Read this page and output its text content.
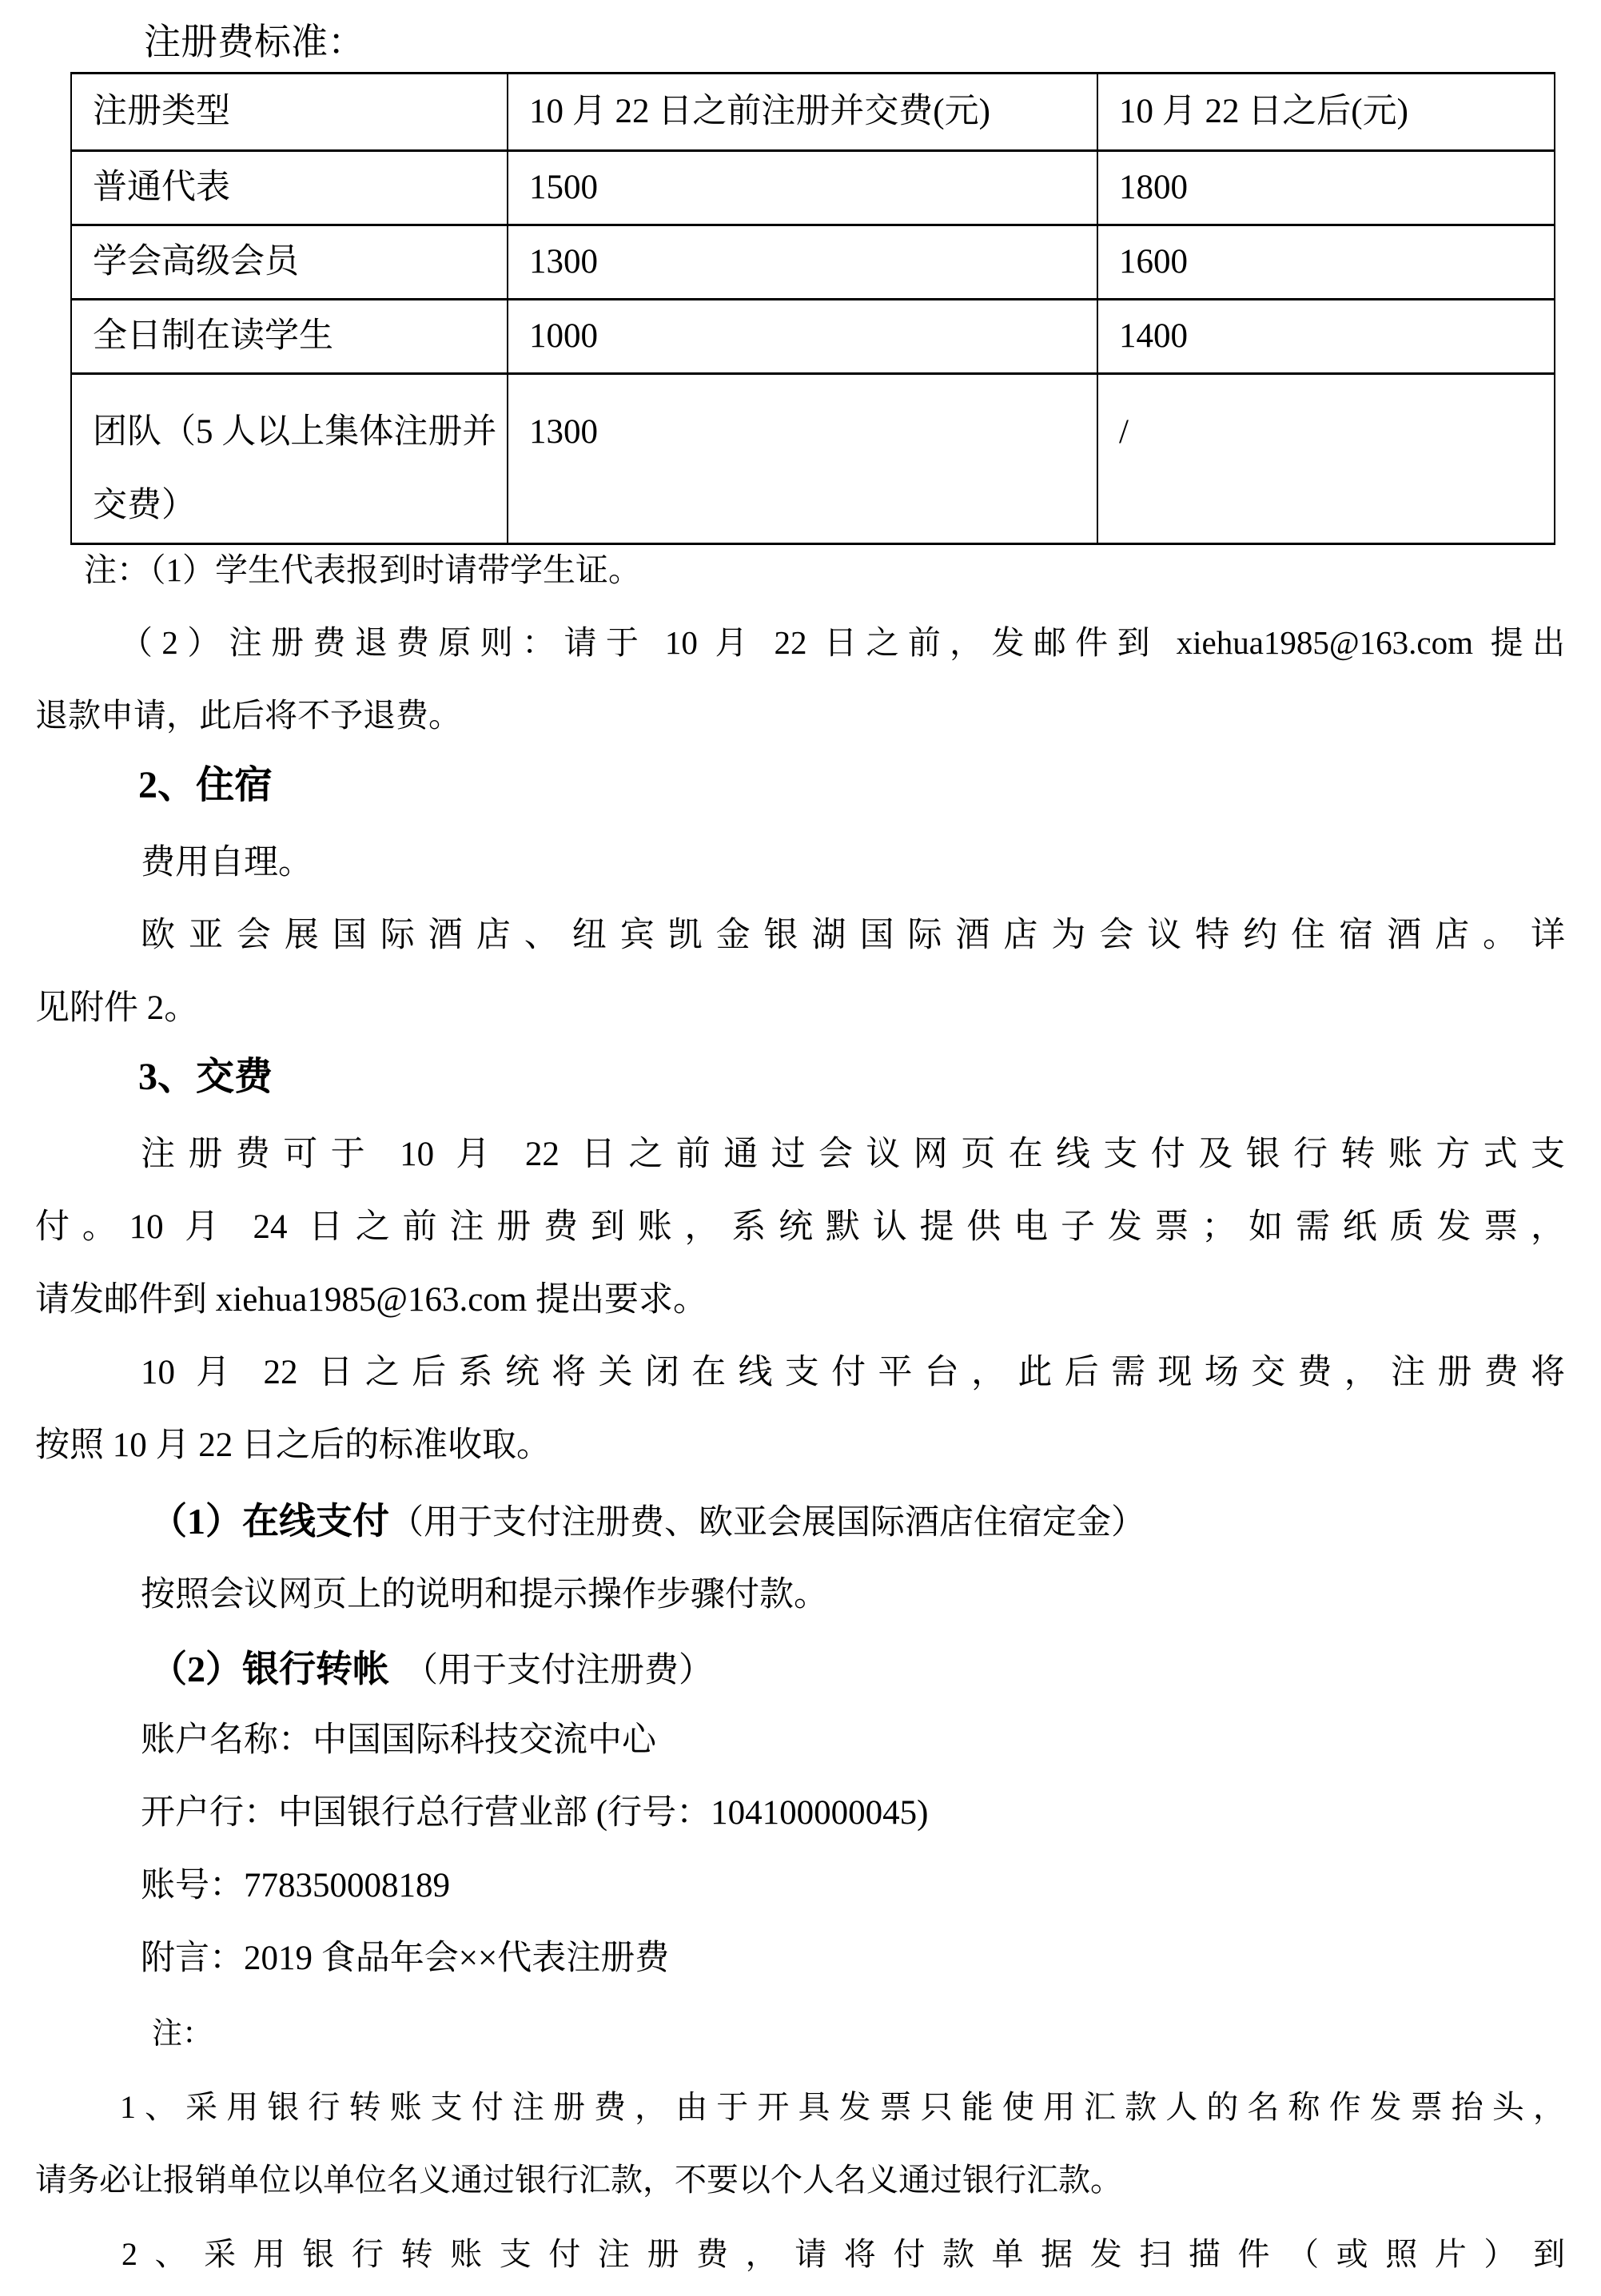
注册费标准：
注册类型	10 月 22 日之前注册并交费(元)	10 月 22 日之后(元)
普通代表	1500	1800
学会高级会员	1300	1600
全日制在读学生	1000	1400
团队（5 人以上集体注册并交费）	1300	/
注：（1）学生代表报到时请带学生证。
（2）注册费退费原则：请于 10 月 22 日之前，发邮件到 xiehua1985@163.com 提出
退款申请，此后将不予退费。
2、住宿
费用自理。
欧亚会展国际酒店、纽宾凯金银湖国际酒店为会议特约住宿酒店。详
见附件 2。
3、交费
注册费可于 10 月 22 日之前通过会议网页在线支付及银行转账方式支
付。10 月 24 日之前注册费到账，系统默认提供电子发票；如需纸质发票，
请发邮件到 xiehua1985@163.com 提出要求。
10 月 22 日之后系统将关闭在线支付平台，此后需现场交费，注册费将
按照 10 月 22 日之后的标准收取。
（1）在线支付（用于支付注册费、欧亚会展国际酒店住宿定金）
按照会议网页上的说明和提示操作步骤付款。
（2）银行转帐 （用于支付注册费）
账户名称：中国国际科技交流中心
开户行：中国银行总行营业部 (行号：104100000045)
账号：778350008189
附言：2019 食品年会××代表注册费
注：
1、采用银行转账支付注册费，由于开具发票只能使用汇款人的名称作发票抬头，
请务必让报销单位以单位名义通过银行汇款，不要以个人名义通过银行汇款。
2、采用银行转账支付注册费，请将付款单据发扫描件（或照片）到
